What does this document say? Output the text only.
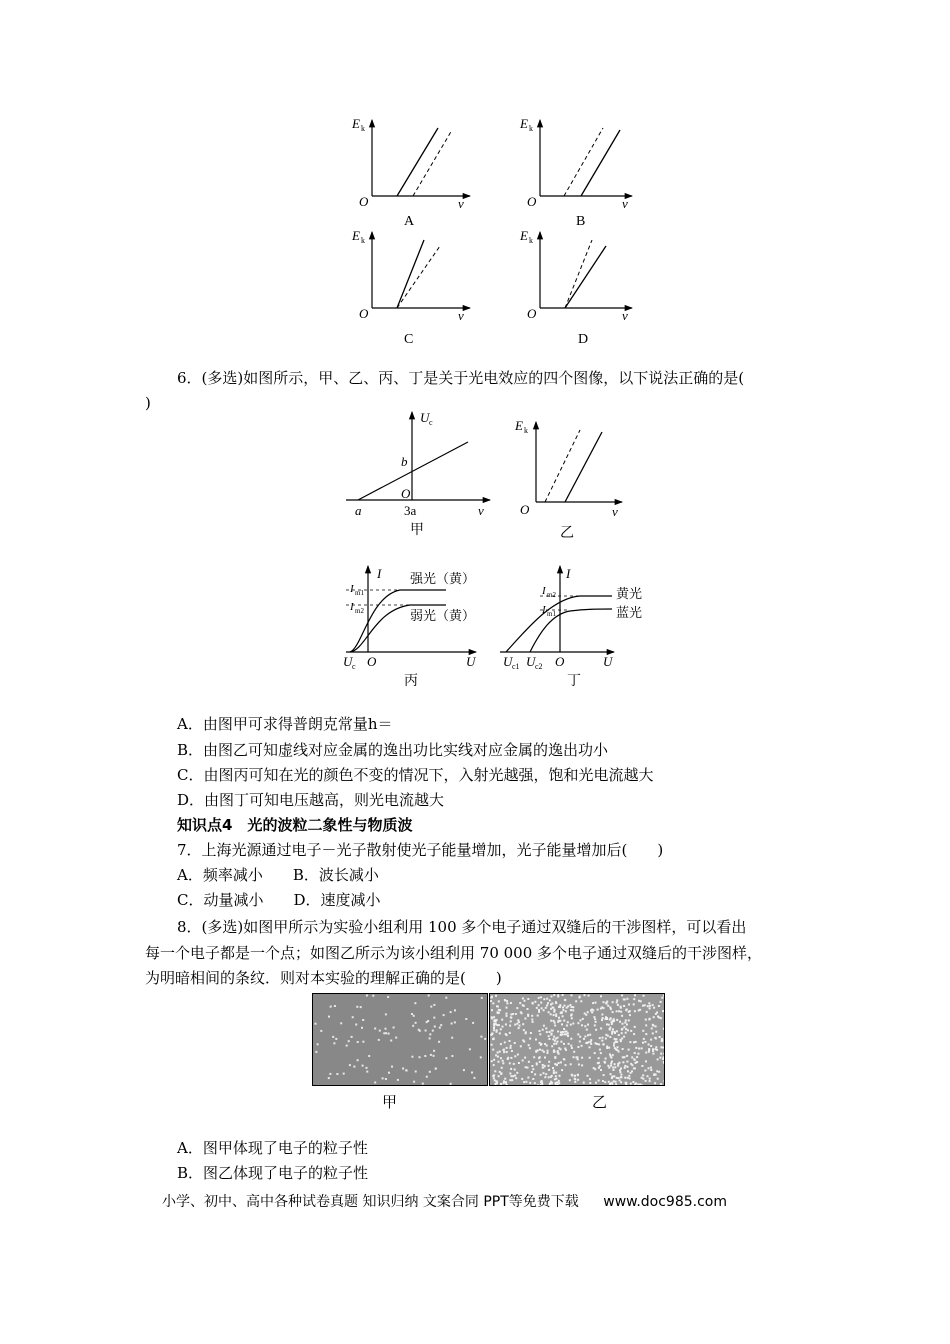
E k
O	ν
A
E k
O	ν
B
E k
O	ν
C
E k
O	ν
D
6．(多选)如图所示，甲、乙、丙、丁是关于光电效应的四个图像，以下说法正确的是(
)
U c
b
O
a	3a	ν
甲
E k
O	ν
乙
I
I m1
I m2
强光（黄）
弱光（黄）
U c O	U
丙
I
I m2
I m1
黄光
蓝光
U c1 U c2 O	U
丁
A．由图甲可求得普朗克常量h＝
B．由图乙可知虚线对应金属的逸出功比实线对应金属的逸出功小
C．由图丙可知在光的颜色不变的情况下，入射光越强，饱和光电流越大
D．由图丁可知电压越高，则光电流越大
知识点4　光的波粒二象性与物质波
7．上海光源通过电子－光子散射使光子能量增加，光子能量增加后(　　)
A．频率减小　　B．波长减小
C．动量减小　　D．速度减小
8．(多选)如图甲所示为实验小组利用 100 多个电子通过双缝后的干涉图样，可以看出
每一个电子都是一个点；如图乙所示为该小组利用 70 000 多个电子通过双缝后的干涉图样，
为明暗相间的条纹．则对本实验的理解正确的是(　　)
甲	乙
A．图甲体现了电子的粒子性
B．图乙体现了电子的粒子性
小学、初中、高中各种试卷真题 知识归纳 文案合同 PPT等免费下载 www.doc985.com
